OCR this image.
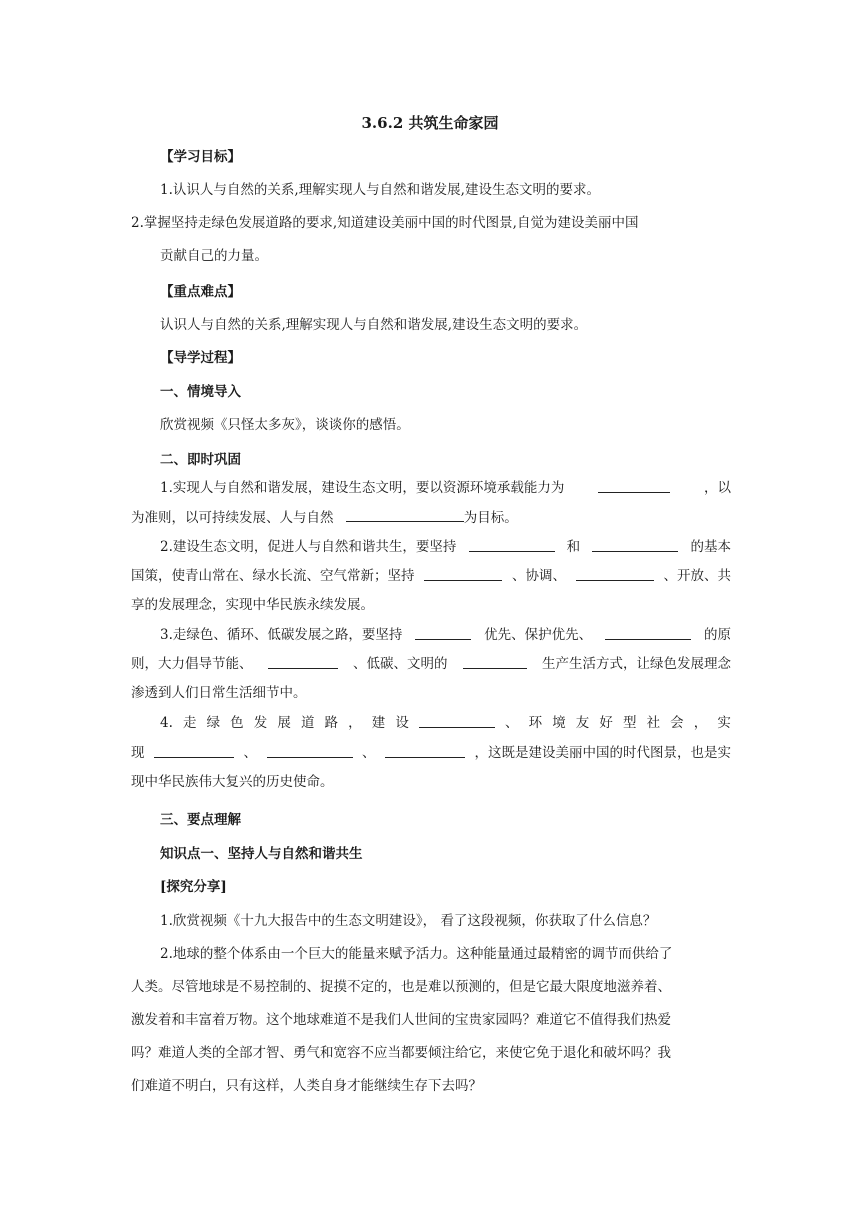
3.6.2 共筑生命家园
【学习目标】
1.认识人与自然的关系,理解实现人与自然和谐发展,建设生态文明的要求。
2.掌握坚持走绿色发展道路的要求,知道建设美丽中国的时代图景,自觉为建设美丽中国
贡献自己的力量。
【重点难点】
认识人与自然的关系,理解实现人与自然和谐发展,建设生态文明的要求。
【导学过程】
一、情境导入
欣赏视频《只怪太多灰》，谈谈你的感悟。
二、即时巩固
1.实现人与自然和谐发展，建设生态文明，要以资源环境承载能力为	，以
为准则，以可持续发展、人与自然	为目标。
2.建设生态文明，促进人与自然和谐共生，要坚持	和	的基本
国策，使青山常在、绿水长流、空气常新；坚持	、协调、	、开放、共
享的发展理念，实现中华民族永续发展。
3.走绿色、循环、低碳发展之路，要坚持	优先、保护优先、	的原
则，大力倡导节能、	、低碳、文明的	生产生活方式，让绿色发展理念
渗透到人们日常生活细节中。
4. 走 绿 色 发 展 道 路 ， 建 设	、 环 境 友 好 型 社 会 ， 实
现	、	、	，这既是建设美丽中国的时代图景，也是实
现中华民族伟大复兴的历史使命。
三、要点理解
知识点一、坚持人与自然和谐共生
[探究分享]
1.欣赏视频《十九大报告中的生态文明建设》， 看了这段视频，你获取了什么信息？
2.地球的整个体系由一个巨大的能量来赋予活力。这种能量通过最精密的调节而供给了
人类。尽管地球是不易控制的、捉摸不定的，也是难以预测的，但是它最大限度地滋养着、
激发着和丰富着万物。这个地球难道不是我们人世间的宝贵家园吗？难道它不值得我们热爱
吗？难道人类的全部才智、勇气和宽容不应当都要倾注给它，来使它免于退化和破坏吗？我
们难道不明白，只有这样，人类自身才能继续生存下去吗？
